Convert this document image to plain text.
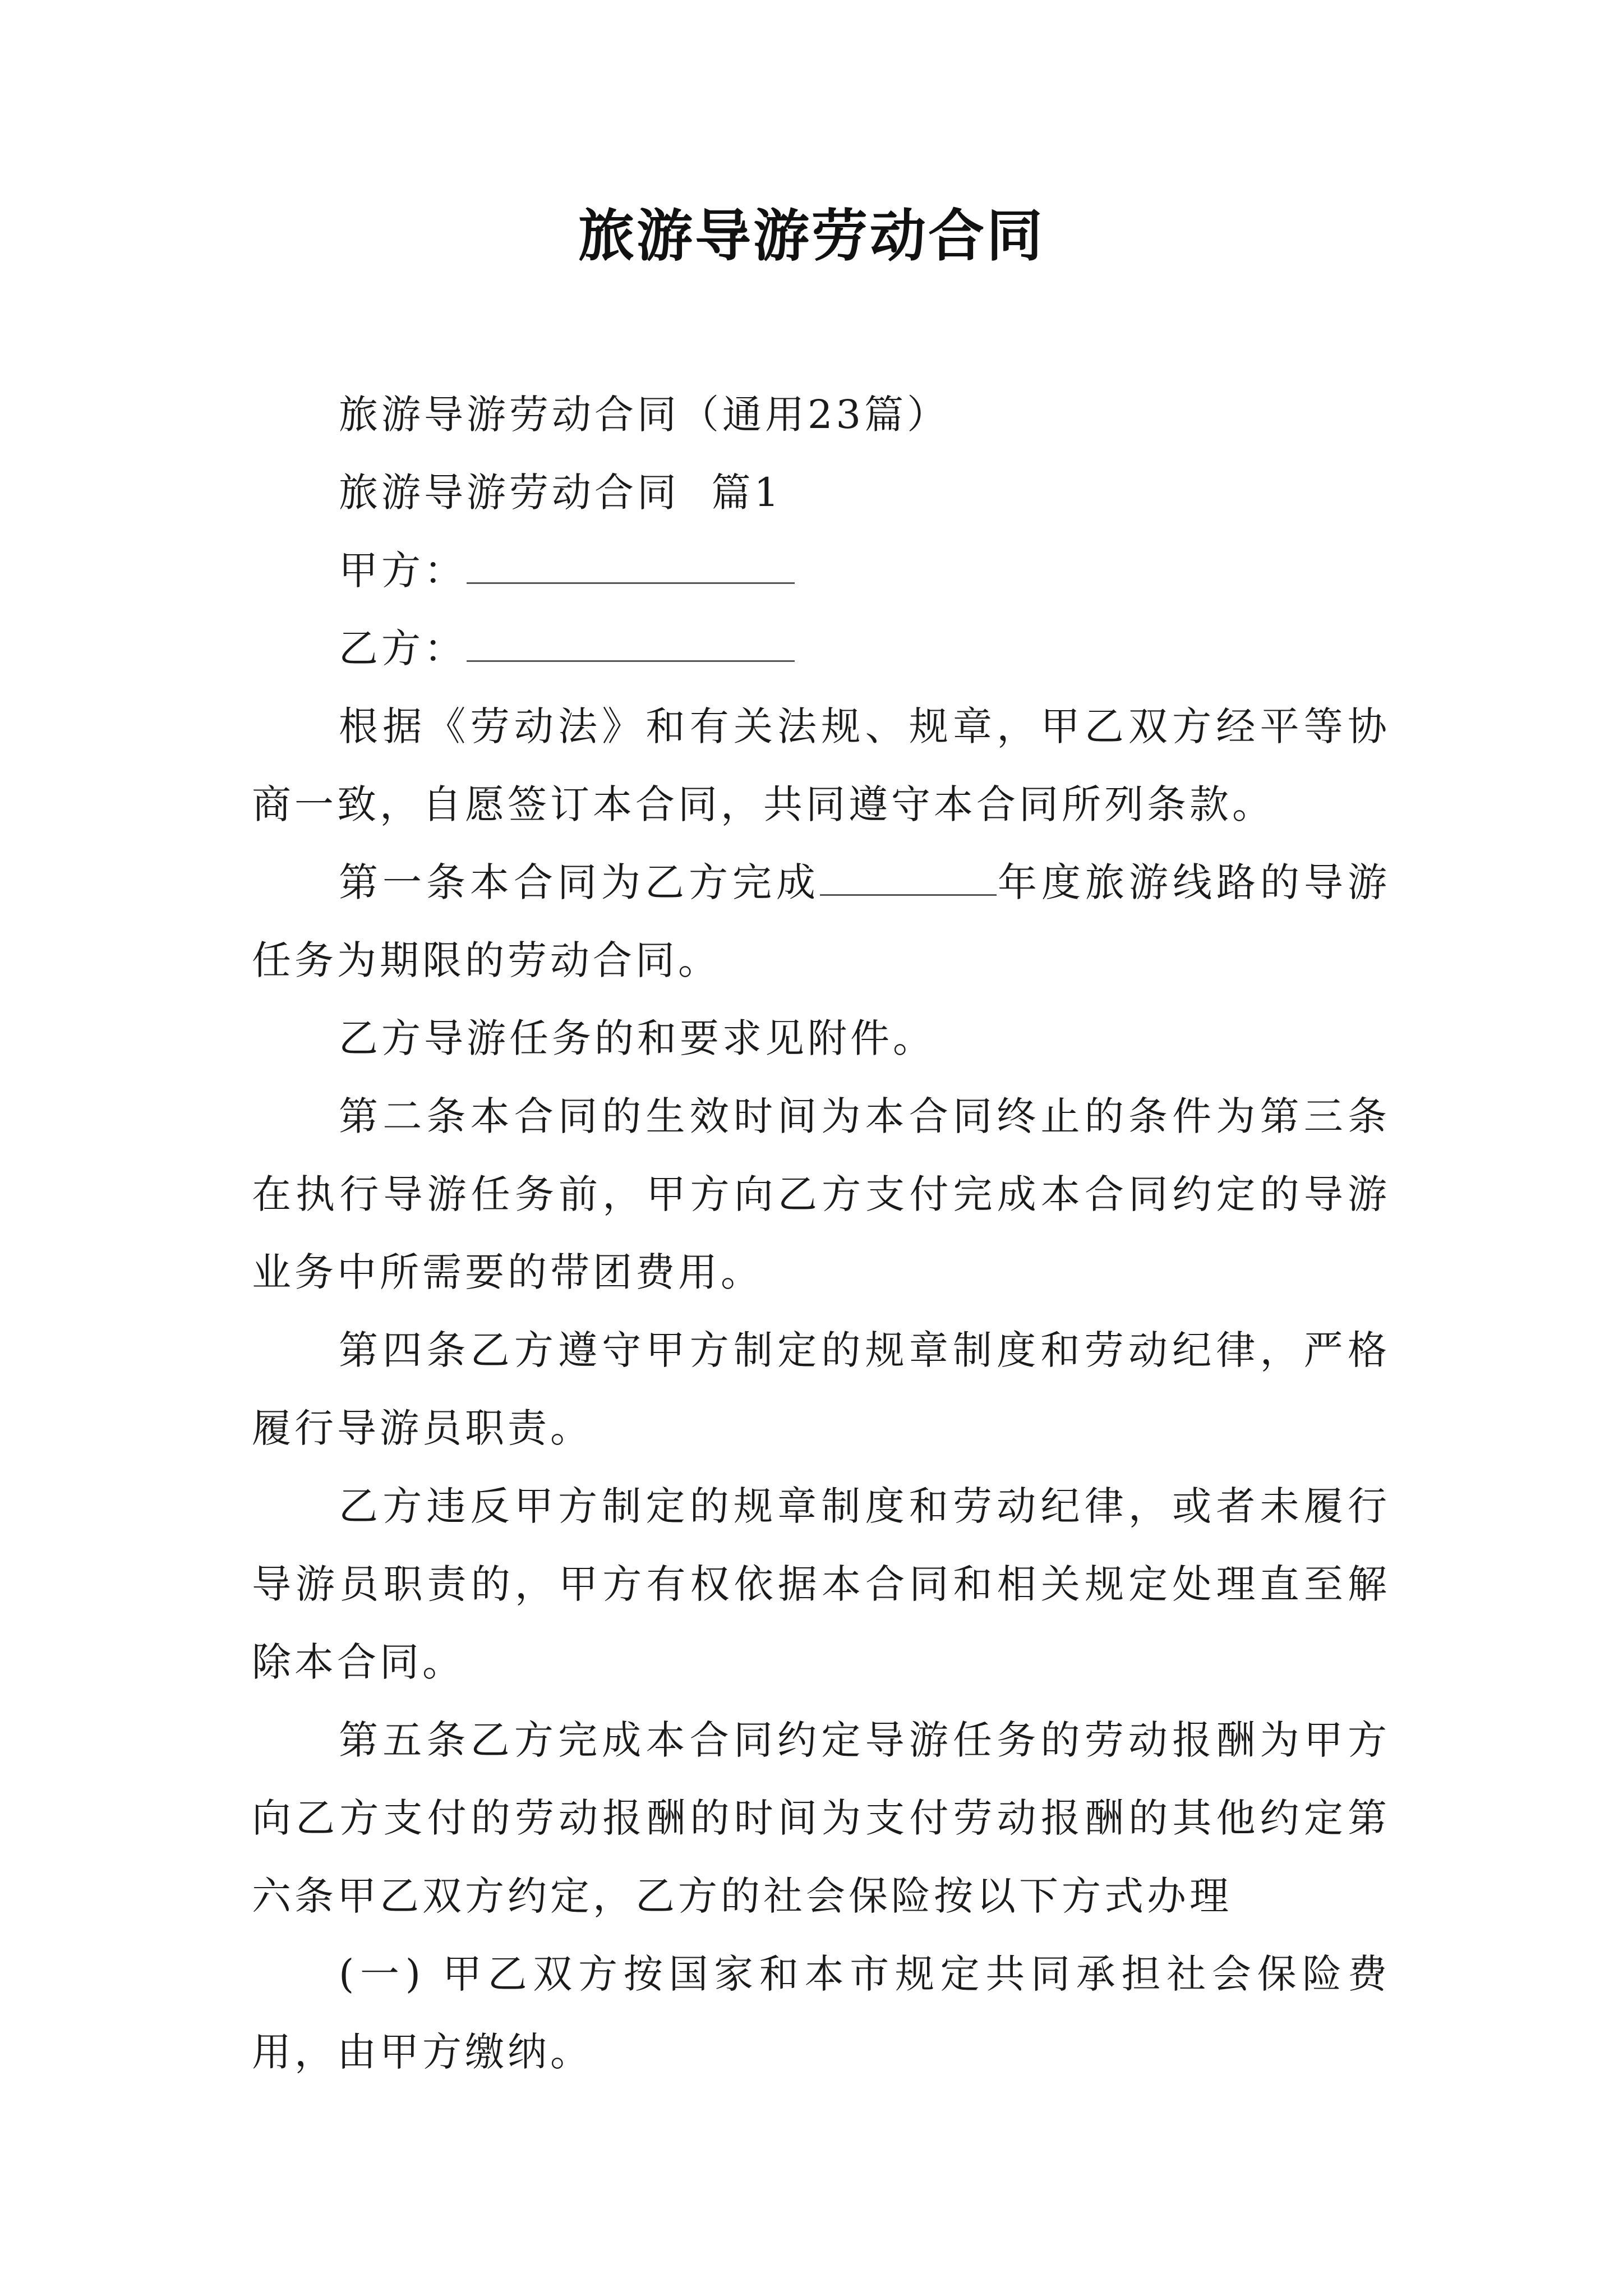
旅游导游劳动合同

旅游导游劳动合同（通用23篇）

旅游导游劳动合同  篇1

甲方：

乙方：

根据《劳动法》和有关法规、规章，甲乙双方经平等协商一致，自愿签订本合同，共同遵守本合同所列条款。

第一条本合同为乙方完成	年度旅游线路的导游任务为期限的劳动合同。

乙方导游任务的和要求见附件。

第二条本合同的生效时间为本合同终止的条件为第三条在执行导游任务前，甲方向乙方支付完成本合同约定的导游业务中所需要的带团费用。

第四条乙方遵守甲方制定的规章制度和劳动纪律，严格履行导游员职责。

乙方违反甲方制定的规章制度和劳动纪律，或者未履行导游员职责的，甲方有权依据本合同和相关规定处理直至解除本合同。

第五条乙方完成本合同约定导游任务的劳动报酬为甲方向乙方支付的劳动报酬的时间为支付劳动报酬的其他约定第六条甲乙双方约定，乙方的社会保险按以下方式办理

(一) 甲乙双方按国家和本市规定共同承担社会保险费用，由甲方缴纳。
